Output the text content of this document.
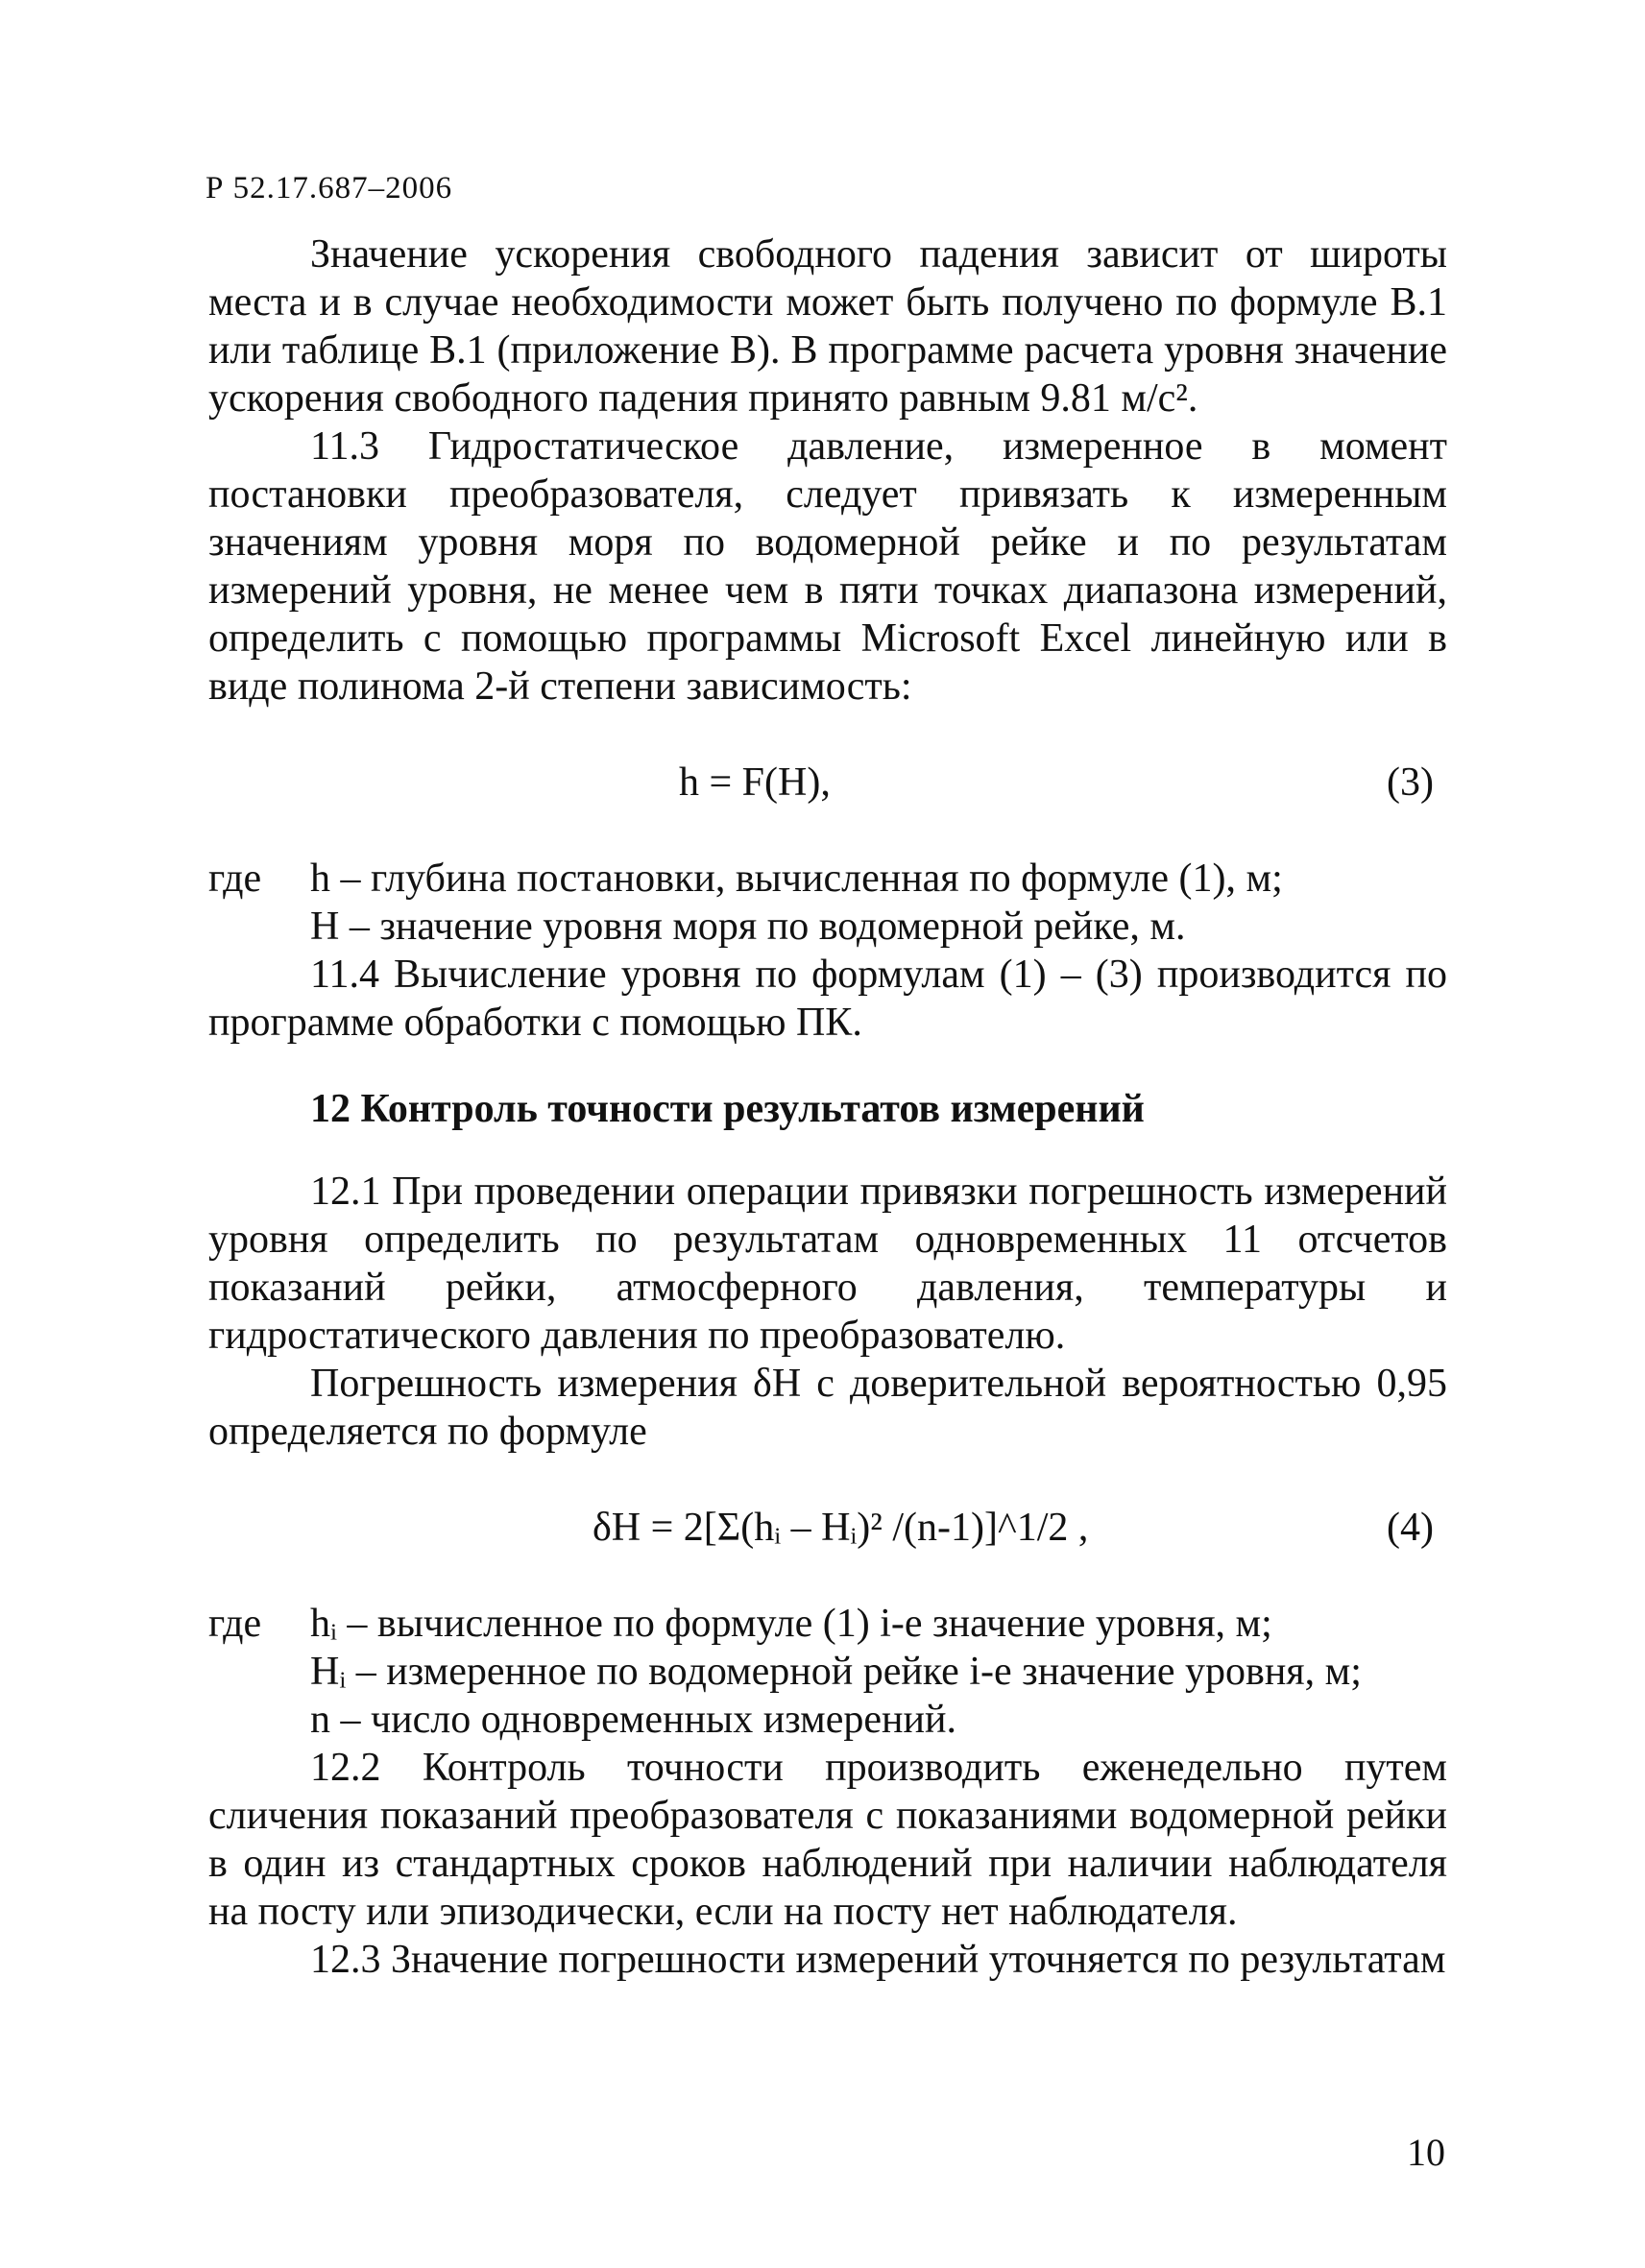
Р 52.17.687–2006

Значение ускорения свободного падения зависит от широты места и в случае необходимости может быть получено по формуле В.1 или таблице В.1 (приложение В). В программе расчета уровня значение ускорения свободного падения принято равным 9.81 м/с².

11.3 Гидростатическое давление, измеренное в момент постановки преобразователя, следует привязать к измеренным значениям уровня моря по водомерной рейке и по результатам измерений уровня, не менее чем в пяти точках диапазона измерений, определить с помощью программы Microsoft Excel линейную или в виде полинома 2-й степени зависимость:

h = F(H),	(3)
где	h – глубина постановки, вычисленная по формуле (1), м;
Н – значение уровня моря по водомерной рейке, м.

11.4 Вычисление уровня по формулам (1) – (3) производится по программе обработки с помощью ПК.

12 Контроль точности результатов измерений

12.1 При проведении операции привязки погрешность измерений уровня определить по результатам одновременных 11 отсчетов показаний рейки, атмосферного давления, температуры и гидростатического давления по преобразователю.

Погрешность измерения δН с доверительной вероятностью 0,95 определяется по формуле

δН = 2[Σ(hᵢ – Hᵢ)² /(n-1)]^1/2 ,	(4)
где	hᵢ – вычисленное по формуле (1) i-е значение уровня, м;
Hᵢ – измеренное по водомерной рейке i-е значение уровня, м;
n – число одновременных измерений.

12.2 Контроль точности производить еженедельно путем сличения показаний преобразователя с показаниями водомерной рейки в один из стандартных сроков наблюдений при наличии наблюдателя на посту или эпизодически, если на посту нет наблюдателя.

12.3 Значение погрешности измерений уточняется по результатам

10
